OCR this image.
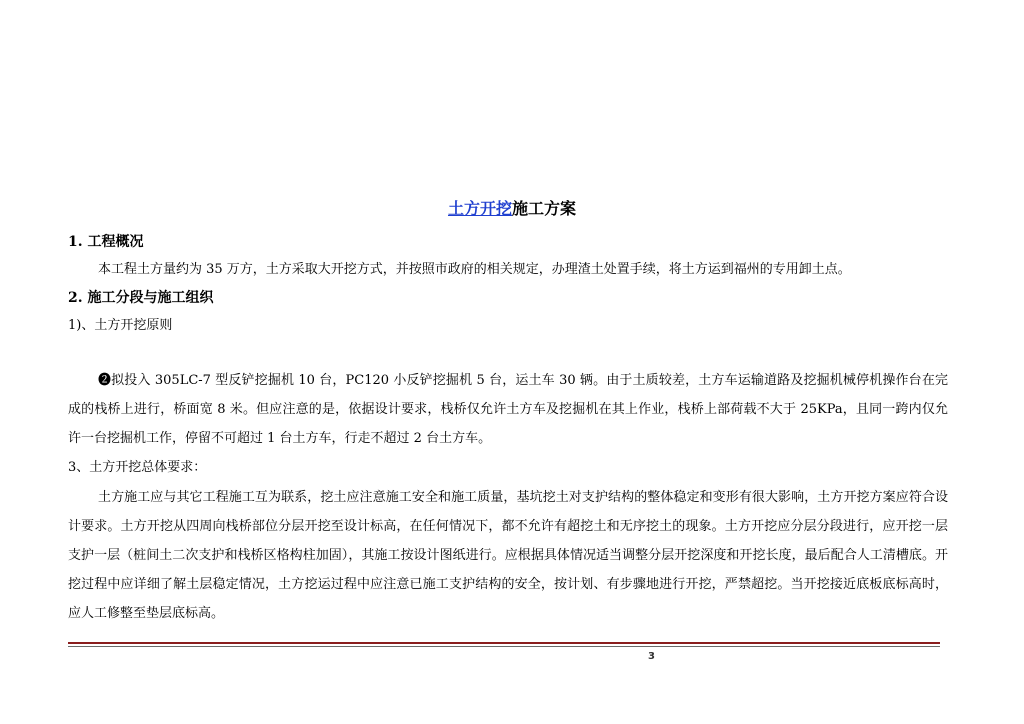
土方开挖施工方案
1. 工程概况
本工程土方量约为 35 万方，土方采取大开挖方式，并按照市政府的相关规定，办理渣土处置手续，将土方运到福州的专用卸土点。
2. 施工分段与施工组织
1)、土方开挖原则
➋拟投入 305LC-7 型反铲挖掘机 10 台，PC120 小反铲挖掘机 5 台，运土车 30 辆。由于土质较差，土方车运输道路及挖掘机械停机操作台在完成的栈桥上进行，桥面宽 8 米。但应注意的是，依据设计要求，栈桥仅允许土方车及挖掘机在其上作业，栈桥上部荷载不大于 25KPa，且同一跨内仅允许一台挖掘机工作，停留不可超过 1 台土方车，行走不超过 2 台土方车。
3、土方开挖总体要求：
土方施工应与其它工程施工互为联系，挖土应注意施工安全和施工质量，基坑挖土对支护结构的整体稳定和变形有很大影响，土方开挖方案应符合设计要求。土方开挖从四周向栈桥部位分层开挖至设计标高，在任何情况下，都不允许有超挖土和无序挖土的现象。土方开挖应分层分段进行，应开挖一层支护一层（桩间土二次支护和栈桥区格构柱加固），其施工按设计图纸进行。应根据具体情况适当调整分层开挖深度和开挖长度，最后配合人工清槽底。开挖过程中应详细了解土层稳定情况，土方挖运过程中应注意已施工支护结构的安全，按计划、有步骤地进行开挖，严禁超挖。当开挖接近底板底标高时，应人工修整至垫层底标高。
3
